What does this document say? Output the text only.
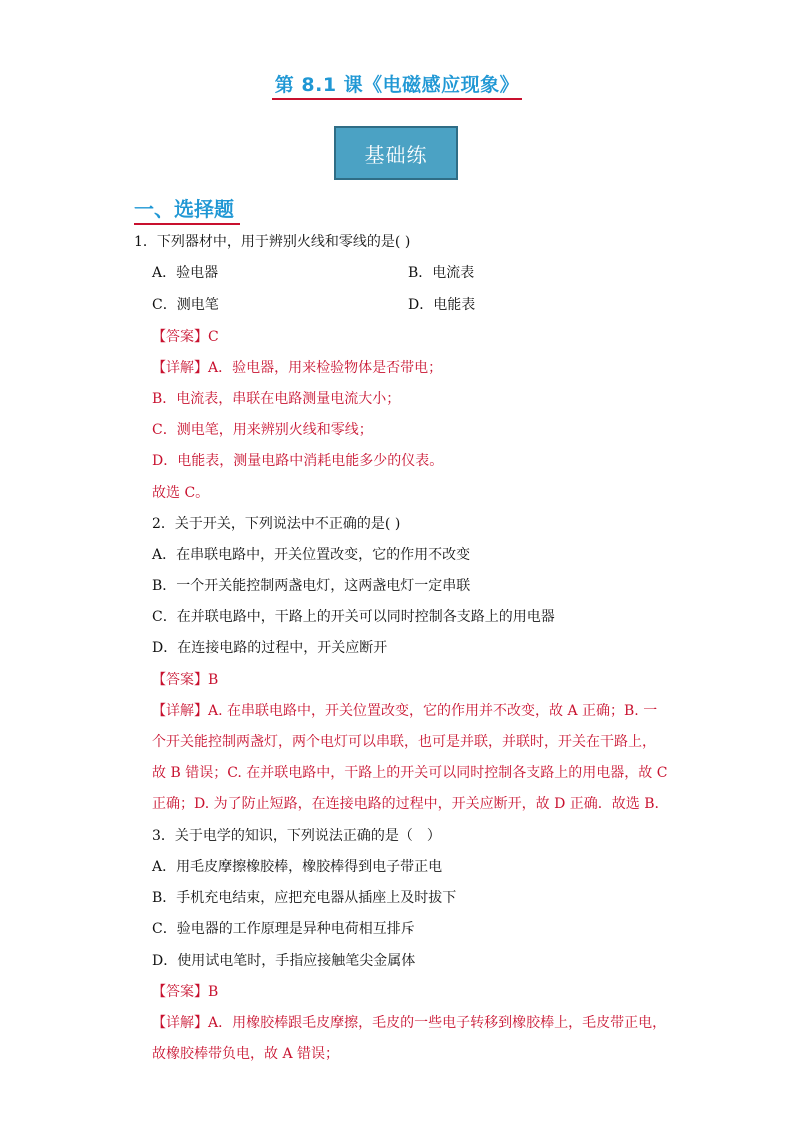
第 8.1 课《电磁感应现象》
基础练
一、选择题
1．下列器材中，用于辨别火线和零线的是( )
A．验电器	B．电流表
C．测电笔	D．电能表
【答案】C
【详解】A．验电器，用来检验物体是否带电；
B．电流表，串联在电路测量电流大小；
C．测电笔，用来辨别火线和零线；
D．电能表，测量电路中消耗电能多少的仪表。
故选 C。
2．关于开关，下列说法中不正确的是( )
A．在串联电路中，开关位置改变，它的作用不改变
B．一个开关能控制两盏电灯，这两盏电灯一定串联
C．在并联电路中，干路上的开关可以同时控制各支路上的用电器
D．在连接电路的过程中，开关应断开
【答案】B
【详解】A. 在串联电路中，开关位置改变，它的作用并不改变，故 A 正确；B. 一
个开关能控制两盏灯，两个电灯可以串联，也可是并联，并联时，开关在干路上，
故 B 错误；C. 在并联电路中，干路上的开关可以同时控制各支路上的用电器，故 C
正确；D. 为了防止短路，在连接电路的过程中，开关应断开，故 D 正确．故选 B.
3．关于电学的知识，下列说法正确的是（　）
A．用毛皮摩擦橡胶棒，橡胶棒得到电子带正电
B．手机充电结束，应把充电器从插座上及时拔下
C．验电器的工作原理是异种电荷相互排斥
D．使用试电笔时，手指应接触笔尖金属体
【答案】B
【详解】A．用橡胶棒跟毛皮摩擦，毛皮的一些电子转移到橡胶棒上，毛皮带正电，
故橡胶棒带负电，故 A 错误；
